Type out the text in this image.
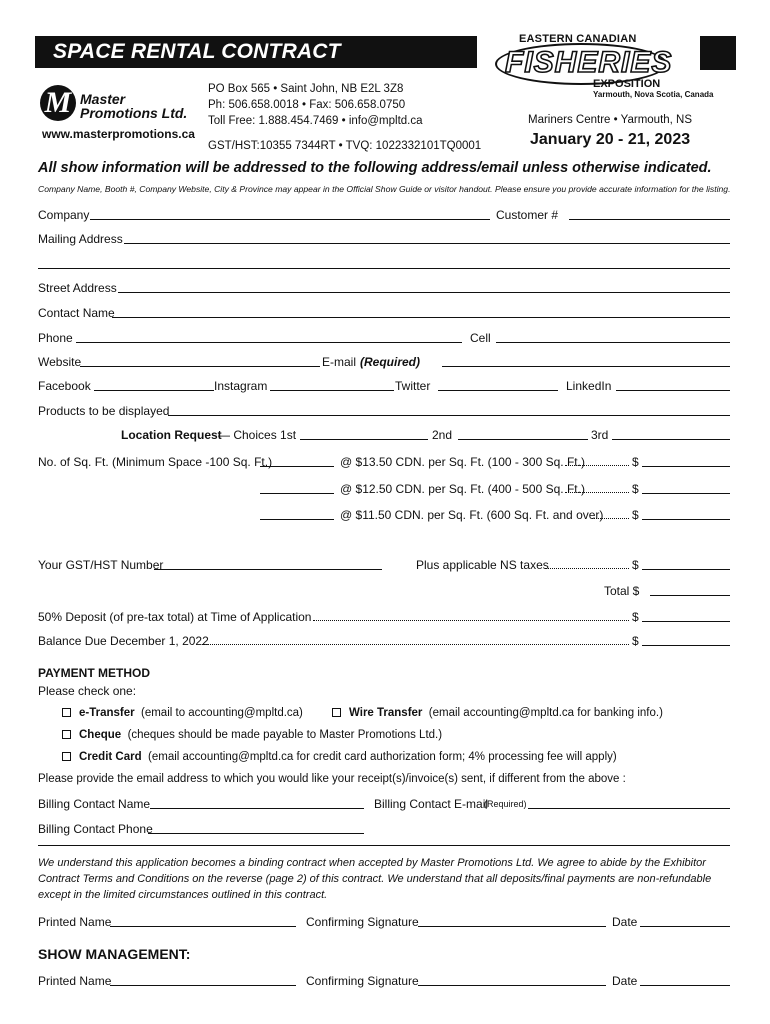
SPACE RENTAL CONTRACT
M Master
Promotions Ltd.
www.masterpromotions.ca
PO Box 565 • Saint John, NB E2L 3Z8
Ph: 506.658.0018 • Fax: 506.658.0750
Toll Free: 1.888.454.7469 • info@mpltd.ca
GST/HST:10355 7344RT • TVQ: 1022332101TQ0001
EASTERN CANADIAN
FISHERIES
EXPOSITION
Yarmouth, Nova Scotia, Canada
Mariners Centre • Yarmouth, NS
January 20 - 21, 2023
All show information will be addressed to the following address/email unless otherwise indicated.
Company Name, Booth #, Company Website, City & Province may appear in the Official Show Guide or visitor handout. Please ensure you provide accurate information for the listing.
Company	Customer #
Mailing Address
Street Address
Contact Name
Phone	Cell
Website	E-mail (Required)
Facebook	Instagram	Twitter	LinkedIn
Products to be displayed
Location Request
— Choices 1st	2nd	3rd
No. of Sq. Ft. (Minimum Space -100 Sq. Ft.)	@ $13.50 CDN. per Sq. Ft. (100 - 300 Sq. Ft.)	$
@ $12.50 CDN. per Sq. Ft. (400 - 500 Sq. Ft.)	$
@ $11.50 CDN. per Sq. Ft. (600 Sq. Ft. and over) $
Your GST/HST Number	Plus applicable NS taxes	$
Total $
50% Deposit (of pre-tax total) at Time of Application	$
Balance Due December 1, 2022	$
PAYMENT METHOD
Please check one:
e-Transfer (email to accounting@mpltd.ca)	Wire Transfer (email accounting@mpltd.ca for banking info.)
Cheque (cheques should be made payable to Master Promotions Ltd.)
Credit Card (email accounting@mpltd.ca for credit card authorization form; 4% processing fee will apply)
Please provide the email address to which you would like your receipt(s)/invoice(s) sent, if different from the above :
Billing Contact Name	Billing Contact E-mail
(Required)
Billing Contact Phone
We understand this application becomes a binding contract when accepted by Master Promotions Ltd. We agree to abide by the Exhibitor Contract Terms and Conditions on the reverse (page 2) of this contract. We understand that all deposits/final payments are non-refundable except in the limited circumstances outlined in this contract.
Printed Name	Confirming Signature	Date
SHOW MANAGEMENT:
Printed Name	Confirming Signature	Date
